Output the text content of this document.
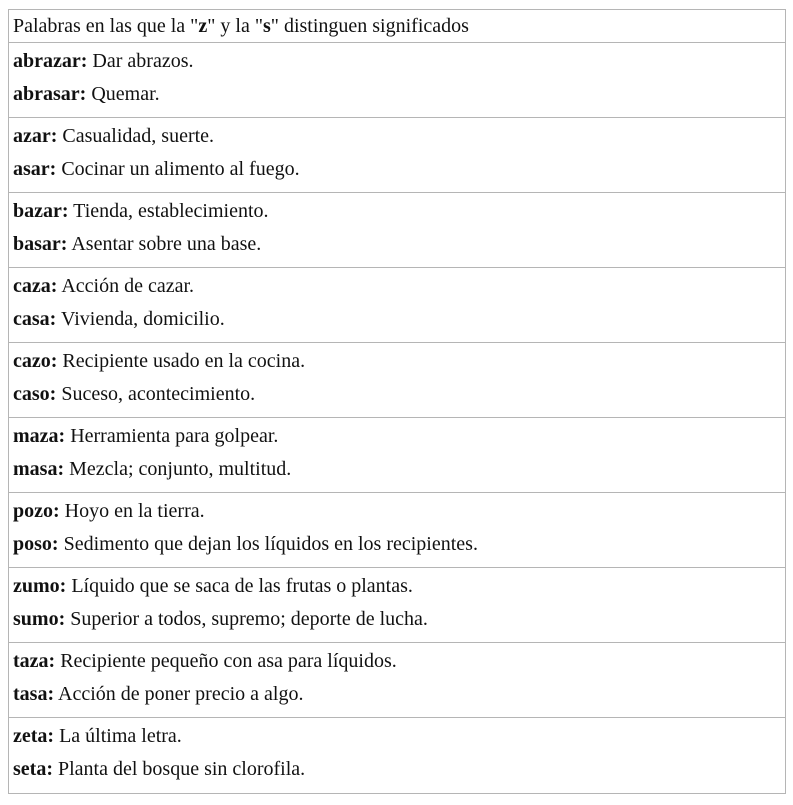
Palabras en las que la "z" y la "s" distinguen significados
abrazar: Dar abrazos.
abrasar: Quemar.
azar: Casualidad, suerte.
asar: Cocinar un alimento al fuego.
bazar: Tienda, establecimiento.
basar: Asentar sobre una base.
caza: Acción de cazar.
casa: Vivienda, domicilio.
cazo: Recipiente usado en la cocina.
caso: Suceso, acontecimiento.
maza: Herramienta para golpear.
masa: Mezcla; conjunto, multitud.
pozo: Hoyo en la tierra.
poso: Sedimento que dejan los líquidos en los recipientes.
zumo: Líquido que se saca de las frutas o plantas.
sumo: Superior a todos, supremo; deporte de lucha.
taza: Recipiente pequeño con asa para líquidos.
tasa: Acción de poner precio a algo.
zeta: La última letra.
seta: Planta del bosque sin clorofila.
